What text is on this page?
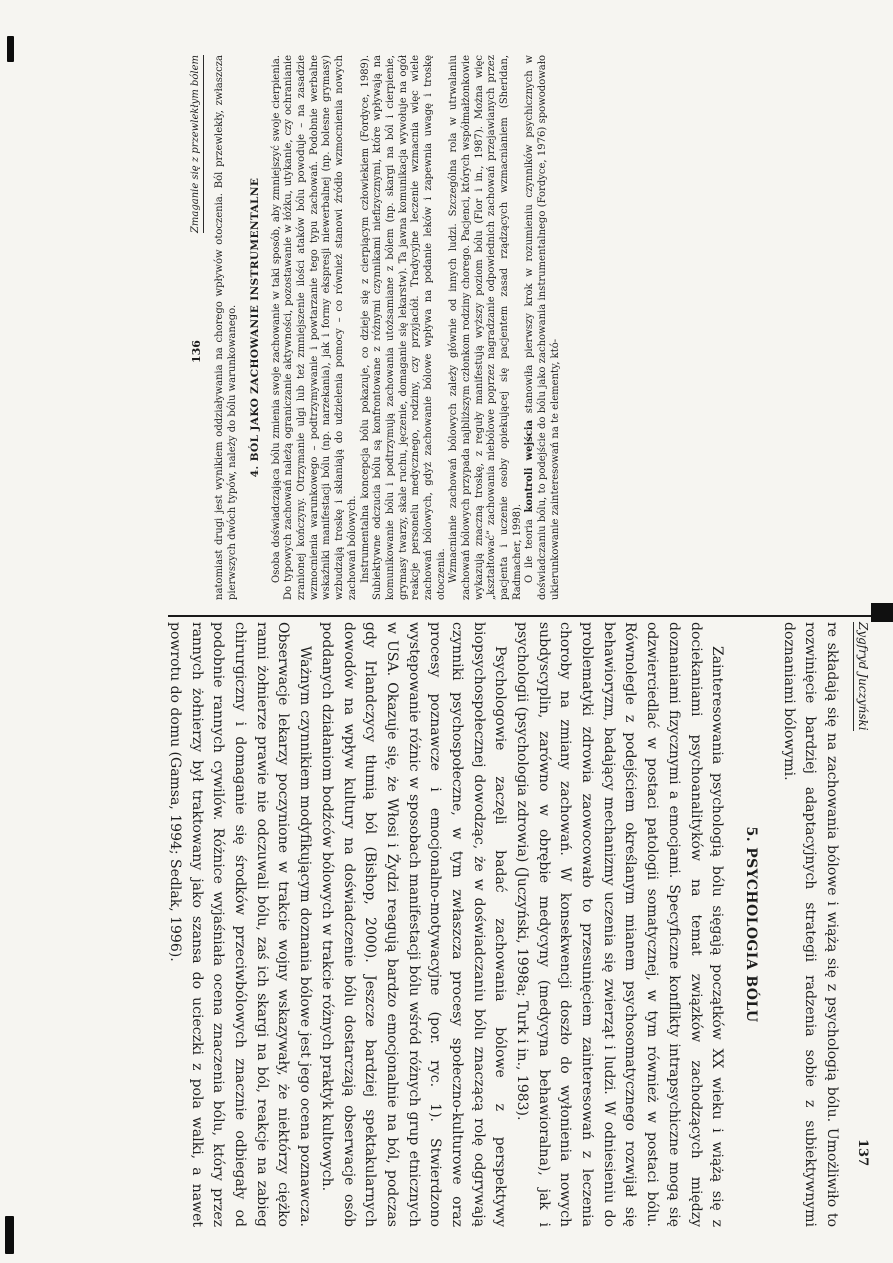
136
Zmaganie się z przewlekłym bólem	natomiast drugi jest wynikiem oddziaływania na chorego wpływów otoczenia. Ból przewlekły, zwłaszcza pierwszych dwóch typów, należy do bólu warunkowanego. 4. BÓL JAKO ZACHOWANIE INSTRUMENTALNE Osoba doświadczająca bólu zmienia swoje zachowanie w taki sposób, aby zmniejszyć swoje cierpienia. Do typowych zachowań należą ograniczanie aktywności, pozostawanie w łóżku, utykanie, czy ochranianie zranionej kończyny. Otrzymanie ulgi lub też zmniejszenie ilości ataków bólu powoduje – na zasadzie wzmocnienia warunkowego – podtrzymywanie i powtarzanie tego typu zachowań. Podobnie werbalne wskaźniki manifestacji bólu (np. narzekania), jak i formy ekspresji niewerbalnej (np. bolesne grymasy) wzbudzają troskę i skłaniają do udzielenia pomocy – co również stanowi źródło wzmocnienia nowych zachowań bólowych. Instrumentalna koncepcja bólu pokazuje, co dzieje się z cierpiącym człowiekiem (Fordyce, 1989). Subiektywne odczucia bólu są konfrontowane z różnymi czynnikami niefizycznymi, które wpływają na komunikowanie bólu i podtrzymują zachowania utożsamiane z bólem (np. skargi na ból i cierpienie, grymasy twarzy, skale ruchu, jęczenie, domaganie się lekarstw). Ta jawna komunikacja wywołuje na ogół reakcje personelu medycznego, rodziny, czy przyjaciół. Tradycyjne leczenie wzmacnia więc wiele zachowań bólowych, gdyż zachowanie bólowe wpływa na podanie leków i zapewnia uwagę i troskę otoczenia. Wzmacnianie zachowań bólowych zależy głównie od innych ludzi. Szczególna rola w utrwalaniu zachowań bólowych przypada najbliższym członkom rodziny chorego. Pacjenci, których współmałżonkowie wykazują znaczną troskę, z reguły manifestują wyższy poziom bólu (Flor i in., 1987). Można więc „kształtować” zachowania niebólowe poprzez nagradzanie odpowiednich zachowań przejawianych przez pacjenta i uczenie osoby opiekującej się pacjentem zasad rządzących wzmacnianiem (Sheridan, Radmacher, 1998). O ile teoria kontroli wejścia stanowiła pierwszy krok w rozumieniu czynników psychicznych w doświadczaniu bólu, to podejście do bólu jako zachowania instrumentalnego (Fordyce, 1976) spowodowało ukierunkowanie zainteresowań na te elementy, któ-

Zygfryd Juczyński
137

re składają się na zachowania bólowe i wiążą się z psychologią bólu. Umożliwiło to rozwinięcie bardziej adaptacyjnych strategii radzenia sobie z subiektywnymi doznaniami bólowymi.

5. PSYCHOLOGIA BÓLU

Zainteresowania psychologią bólu sięgają początków XX wieku i wiążą się z dociekaniami psychoanalityków na temat związków zachodzących między doznaniami fizycznymi a emocjami. Specyficzne konflikty intrapsychiczne mogą się odzwierciedlać w postaci patologii somatycznej, w tym również w postaci bólu. Równolegle z podejściem określanym mianem psychosomatycznego rozwijał się behawioryzm, badający mechanizmy uczenia się zwierząt i ludzi. W odniesieniu do problematyki zdrowia zaowocowało to przesunięciem zainteresowań z leczenia choroby na zmiany zachowań. W konsekwencji doszło do wyłonienia nowych subdyscyplin, zarówno w obrębie medycyny (medycyna behawioralna), jak i psychologii (psychologia zdrowia) (Juczyński, 1998a; Turk i in., 1983).

Psychologowie zaczęli badać zachowania bólowe z perspektywy biopsychospołecznej dowodząc, że w doświadczaniu bólu znaczącą rolę odgrywają czynniki psychospołeczne, w tym zwłaszcza procesy społeczno-kulturowe oraz procesy poznawcze i emocjonalno-motywacyjne (por. ryc. 1). Stwierdzono występowanie różnic w sposobach manifestacji bólu wśród różnych grup etnicznych w USA. Okazuje się, że Włosi i Żydzi reagują bardzo emocjonalnie na ból, podczas gdy Irlandczycy tłumią ból (Bishop, 2000). Jeszcze bardziej spektakularnych dowodów na wpływ kultury na doświadczenie bólu dostarczają obserwacje osób poddanych działaniom bodźców bólowych w trakcie różnych praktyk kultowych.

Ważnym czynnikiem modyfikującym doznania bólowe jest jego ocena poznawcza. Obserwacje lekarzy poczynione w trakcie wojny wskazywały, że niektórzy ciężko ranni żołnierze prawie nie odczuwali bólu, zaś ich skargi na ból, reakcje na zabieg chirurgiczny i domaganie się środków przeciwbólowych znacznie odbiegały od podobnie rannych cywilów. Różnice wyjaśniała ocena znaczenia bólu, który przez rannych żołnierzy był traktowany jako szansa do ucieczki z pola walki, a nawet powrotu do domu (Gamsa, 1994; Sedlak, 1996).
